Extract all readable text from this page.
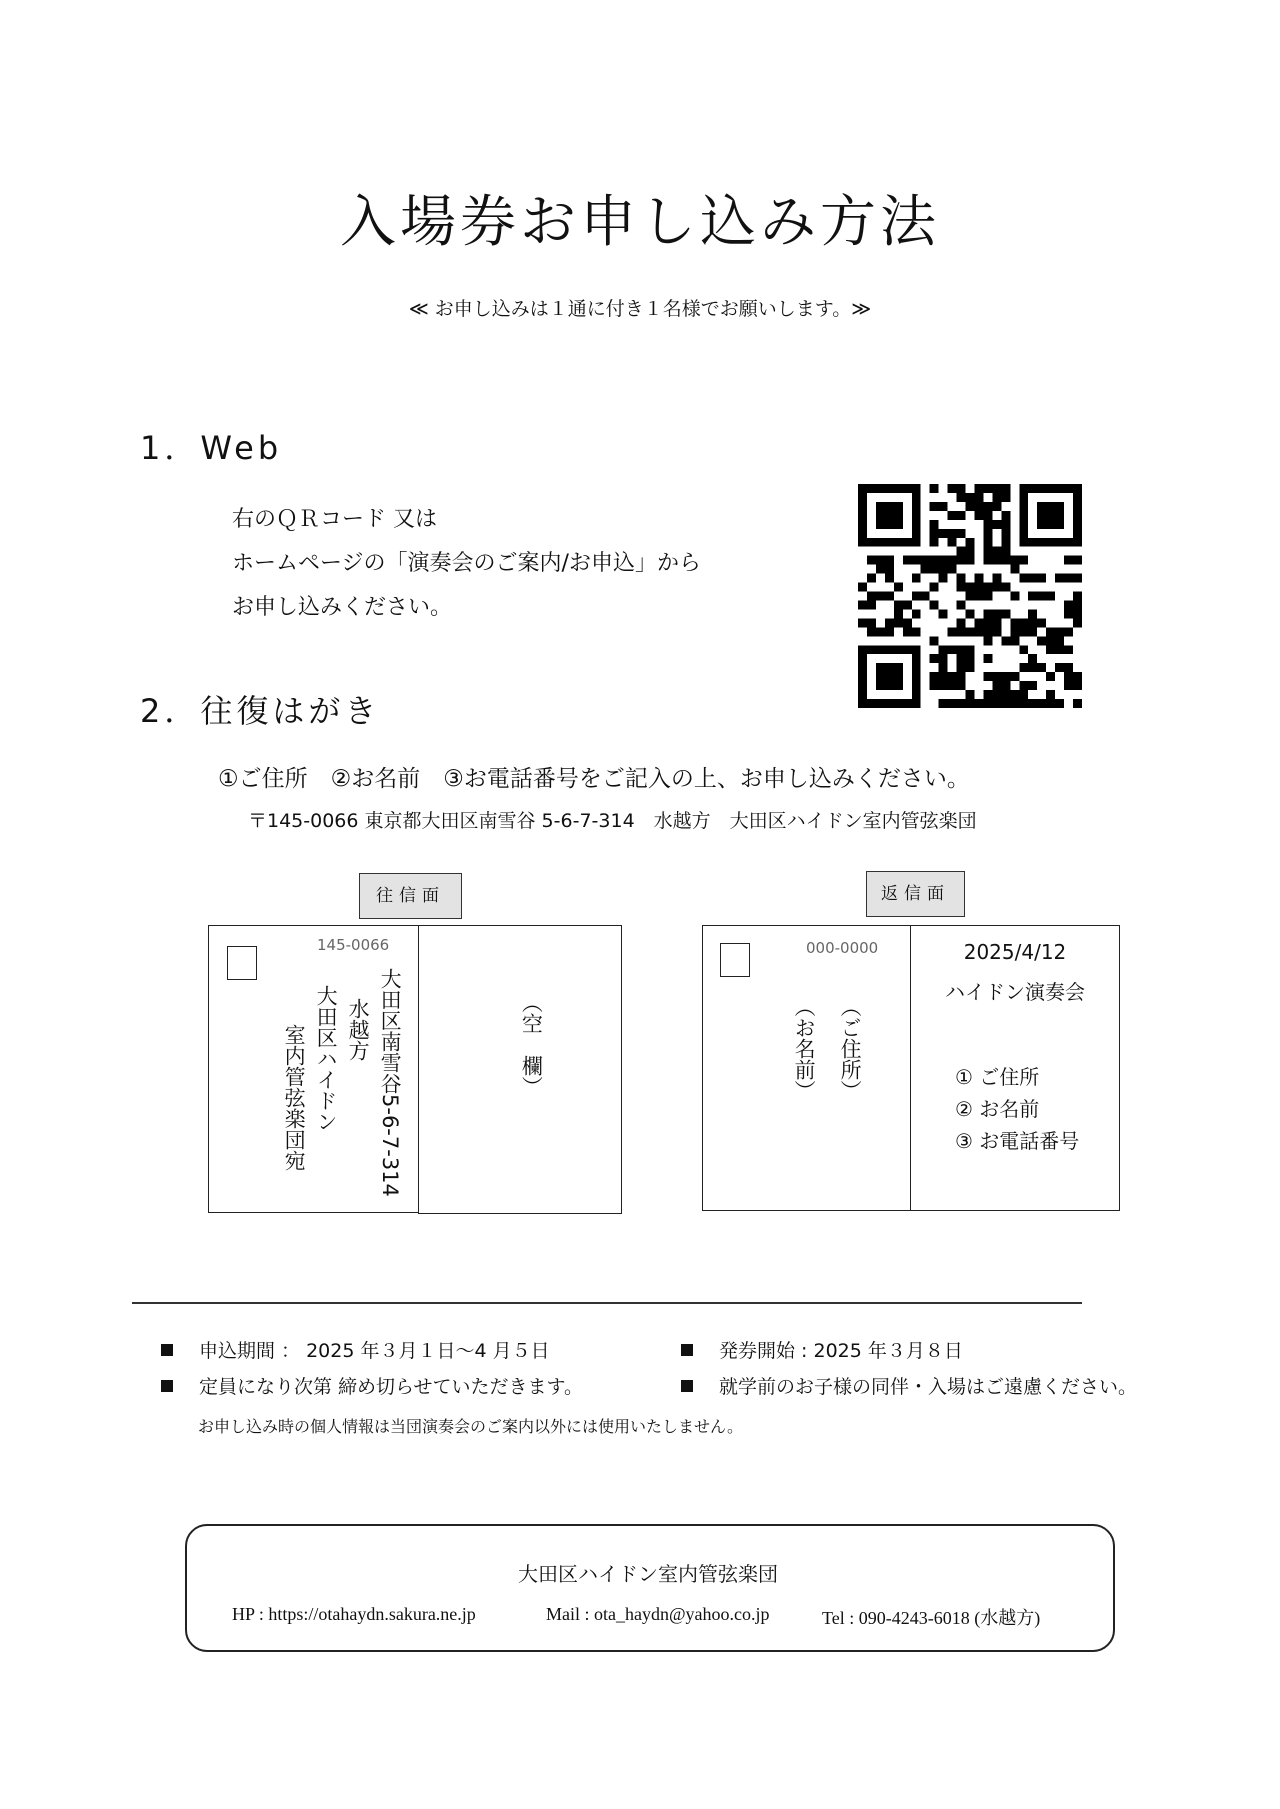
入場券お申し込み方法
≪ お申し込みは１通に付き１名様でお願いします。≫
1．Web
右のＱＲコード 又は
ホームページの「演奏会のご案内/お申込」から
お申し込みください。
2．往復はがき
①ご住所　②お名前　③お電話番号をご記入の上、お申し込みください。
〒145-0066 東京都大田区南雪谷 5-6-7-314　水越方　大田区ハイドン室内管弦楽団
往信面
145-0066
大田区南雪谷5-6-7-314
水越方
大田区ハイドン
室内管弦楽団宛	（空　欄）
返信面
000-0000
（ご住所）
（お名前）
2025/4/12
ハイドン演奏会
① ご住所
② お名前
③ お電話番号
申込期間 ： 2025 年３月１日〜4 月５日	発券開始 : 2025 年３月８日
定員になり次第 締め切らせていただきます。	就学前のお子様の同伴・入場はご遠慮ください。
お申し込み時の個人情報は当団演奏会のご案内以外には使用いたしません。
大田区ハイドン室内管弦楽団
HP : https://otahaydn.sakura.ne.jp	Mail : ota_haydn@yahoo.co.jp	Tel : 090-4243-6018 (水越方)
